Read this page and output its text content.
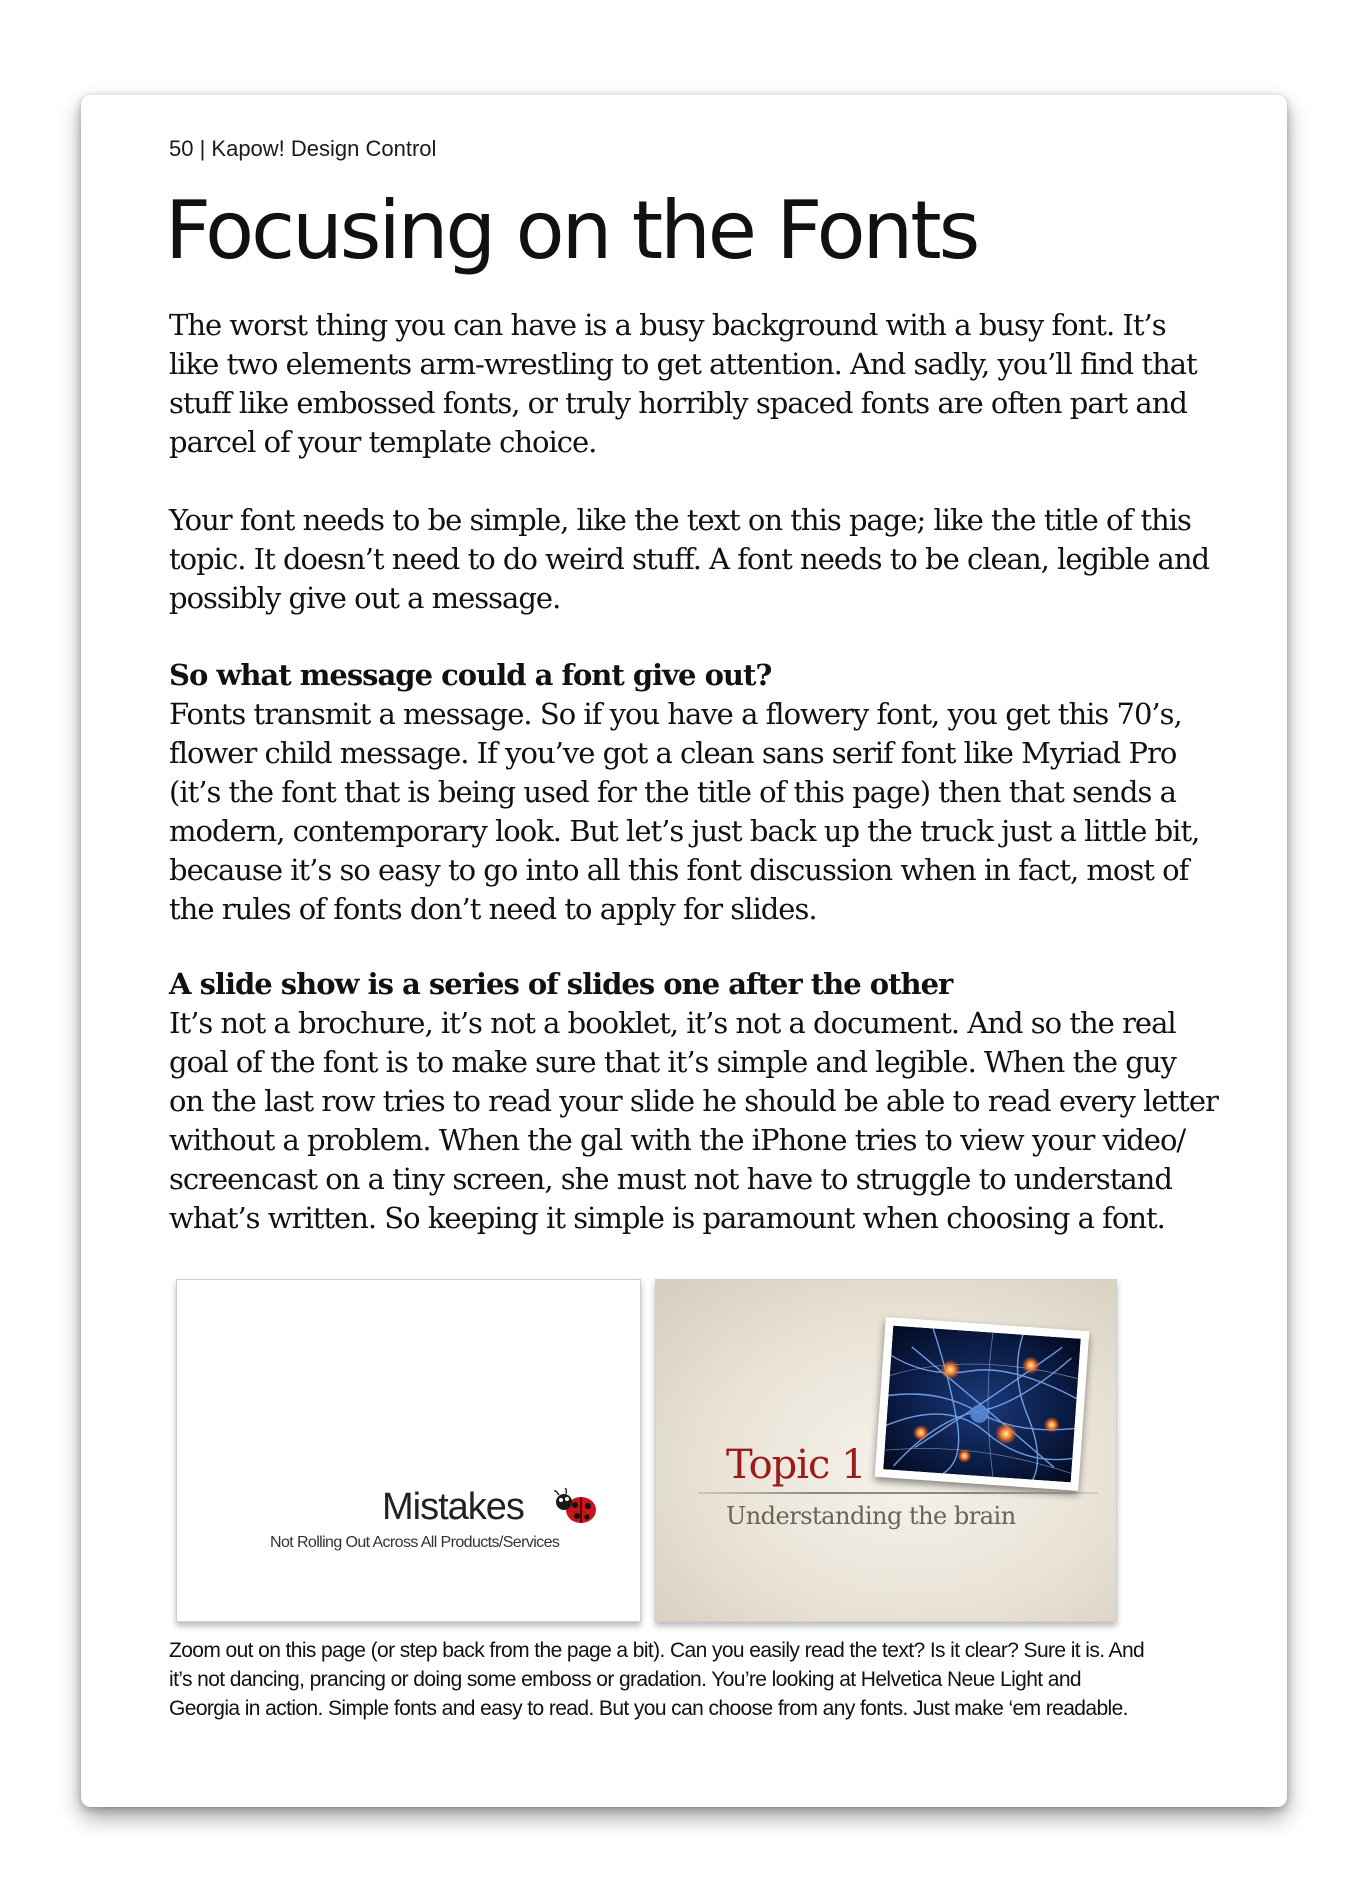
50 | Kapow! Design Control
Focusing on the Fonts

The worst thing you can have is a busy background with a busy font. It’s
like two elements arm-wrestling to get attention. And sadly, you’ll find that
stuff like embossed fonts, or truly horribly spaced fonts are often part and
parcel of your template choice.

Your font needs to be simple, like the text on this page; like the title of this
topic. It doesn’t need to do weird stuff. A font needs to be clean, legible and
possibly give out a message.

So what message could a font give out?
Fonts transmit a message. So if you have a flowery font, you get this 70’s,
flower child message. If you’ve got a clean sans serif font like Myriad Pro
(it’s the font that is being used for the title of this page) then that sends a
modern, contemporary look. But let’s just back up the truck just a little bit,
because it’s so easy to go into all this font discussion when in fact, most of
the rules of fonts don’t need to apply for slides.

A slide show is a series of slides one after the other
It’s not a brochure, it’s not a booklet, it’s not a document. And so the real
goal of the font is to make sure that it’s simple and legible. When the guy
on the last row tries to read your slide he should be able to read every letter
without a problem. When the gal with the iPhone tries to view your video/
screencast on a tiny screen, she must not have to struggle to understand
what’s written. So keeping it simple is paramount when choosing a font.

Mistakes
Not Rolling Out Across All Products/Services
Topic 1
Understanding the brain

Zoom out on this page (or step back from the page a bit). Can you easily read the text? Is it clear? Sure it is. And
it’s not dancing, prancing or doing some emboss or gradation. You’re looking at Helvetica Neue Light and
Georgia in action. Simple fonts and easy to read. But you can choose from any fonts. Just make ‘em readable.
